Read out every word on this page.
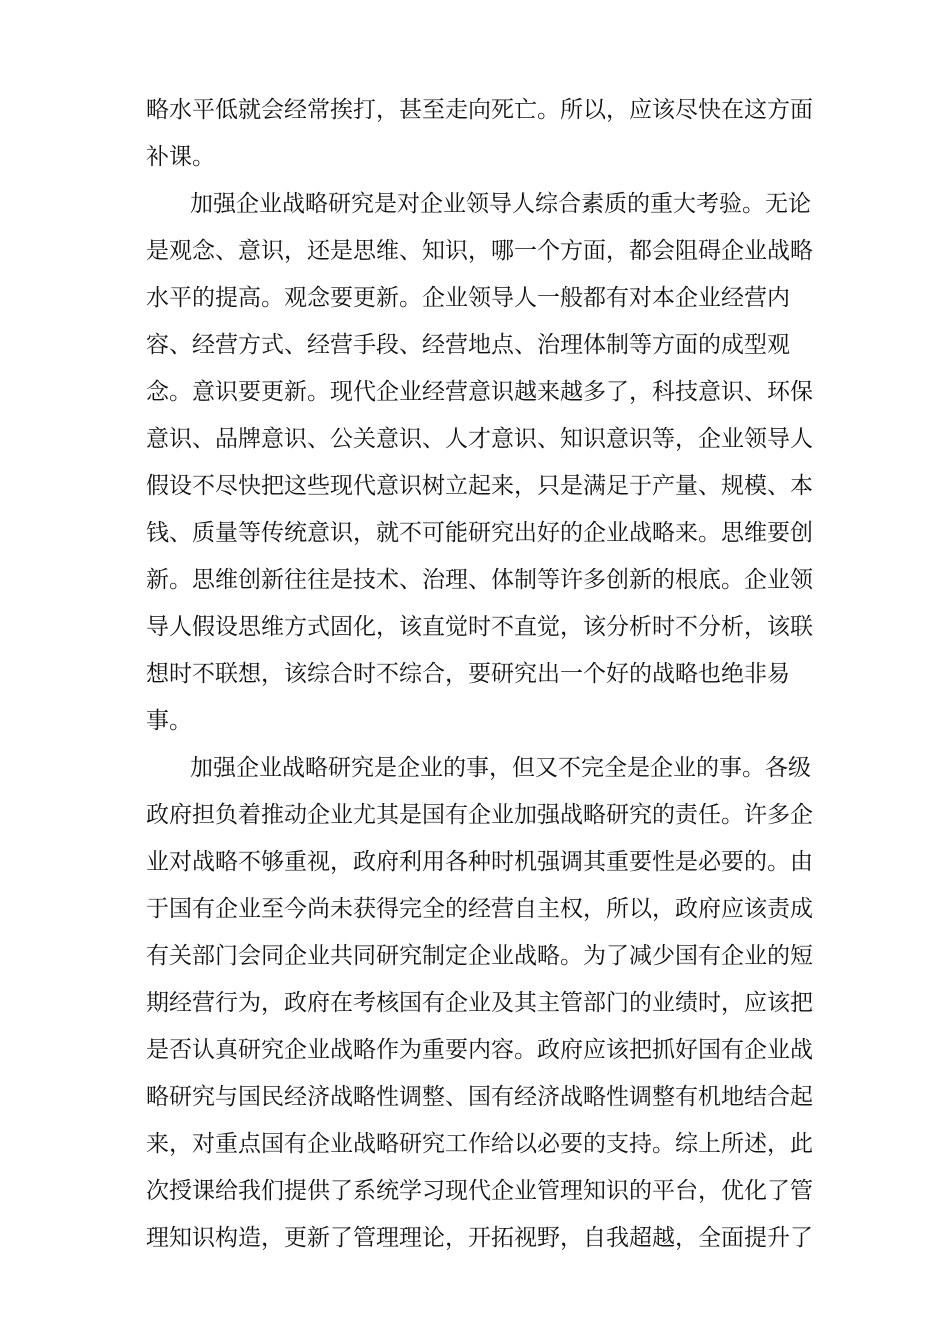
略水平低就会经常挨打，甚至走向死亡。所以，应该尽快在这方面
补课。
加强企业战略研究是对企业领导人综合素质的重大考验。无论
是观念、意识，还是思维、知识，哪一个方面，都会阻碍企业战略
水平的提高。观念要更新。企业领导人一般都有对本企业经营内
容、经营方式、经营手段、经营地点、治理体制等方面的成型观
念。意识要更新。现代企业经营意识越来越多了，科技意识、环保
意识、品牌意识、公关意识、人才意识、知识意识等，企业领导人
假设不尽快把这些现代意识树立起来，只是满足于产量、规模、本
钱、质量等传统意识，就不可能研究出好的企业战略来。思维要创
新。思维创新往往是技术、治理、体制等许多创新的根底。企业领
导人假设思维方式固化，该直觉时不直觉，该分析时不分析，该联
想时不联想，该综合时不综合，要研究出一个好的战略也绝非易
事。
加强企业战略研究是企业的事，但又不完全是企业的事。各级
政府担负着推动企业尤其是国有企业加强战略研究的责任。许多企
业对战略不够重视，政府利用各种时机强调其重要性是必要的。由
于国有企业至今尚未获得完全的经营自主权，所以，政府应该责成
有关部门会同企业共同研究制定企业战略。为了减少国有企业的短
期经营行为，政府在考核国有企业及其主管部门的业绩时，应该把
是否认真研究企业战略作为重要内容。政府应该把抓好国有企业战
略研究与国民经济战略性调整、国有经济战略性调整有机地结合起
来，对重点国有企业战略研究工作给以必要的支持。综上所述，此
次授课给我们提供了系统学习现代企业管理知识的平台，优化了管
理知识构造，更新了管理理论，开拓视野，自我超越，全面提升了
